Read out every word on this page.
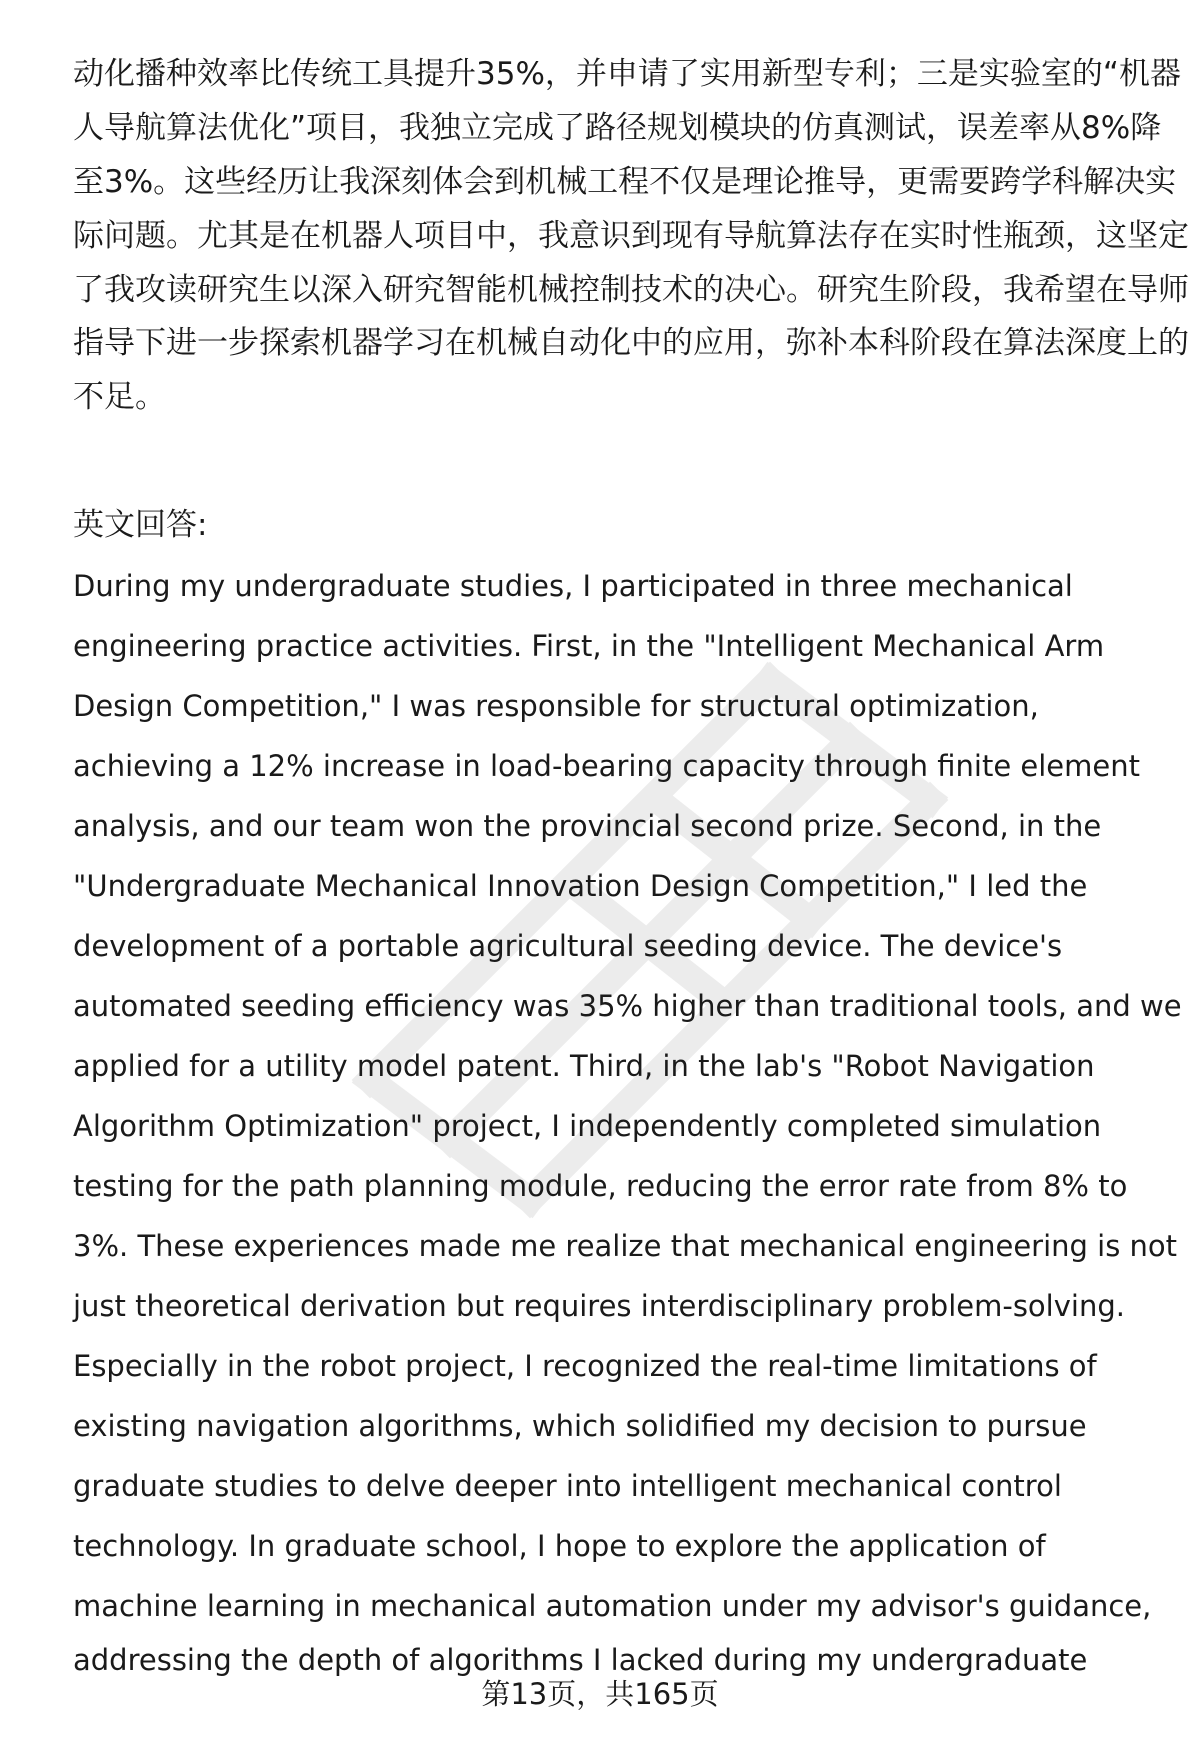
动化播种效率比传统工具提升35%，并申请了实用新型专利；三是实验室的“机器
人导航算法优化”项目，我独立完成了路径规划模块的仿真测试，误差率从8%降
至3%。这些经历让我深刻体会到机械工程不仅是理论推导，更需要跨学科解决实
际问题。尤其是在机器人项目中，我意识到现有导航算法存在实时性瓶颈，这坚定
了我攻读研究生以深入研究智能机械控制技术的决心。研究生阶段，我希望在导师
指导下进一步探索机器学习在机械自动化中的应用，弥补本科阶段在算法深度上的
不足。
英文回答:
During my undergraduate studies, I participated in three mechanical
engineering practice activities. First, in the "Intelligent Mechanical Arm
Design Competition," I was responsible for structural optimization,
achieving a 12% increase in load-bearing capacity through finite element
analysis, and our team won the provincial second prize. Second, in the
"Undergraduate Mechanical Innovation Design Competition," I led the
development of a portable agricultural seeding device. The device's
automated seeding efficiency was 35% higher than traditional tools, and we
applied for a utility model patent. Third, in the lab's "Robot Navigation
Algorithm Optimization" project, I independently completed simulation
testing for the path planning module, reducing the error rate from 8% to
3%. These experiences made me realize that mechanical engineering is not
just theoretical derivation but requires interdisciplinary problem-solving.
Especially in the robot project, I recognized the real-time limitations of
existing navigation algorithms, which solidified my decision to pursue
graduate studies to delve deeper into intelligent mechanical control
technology. In graduate school, I hope to explore the application of
machine learning in mechanical automation under my advisor's guidance,
addressing the depth of algorithms I lacked during my undergraduate
第13页，共165页
